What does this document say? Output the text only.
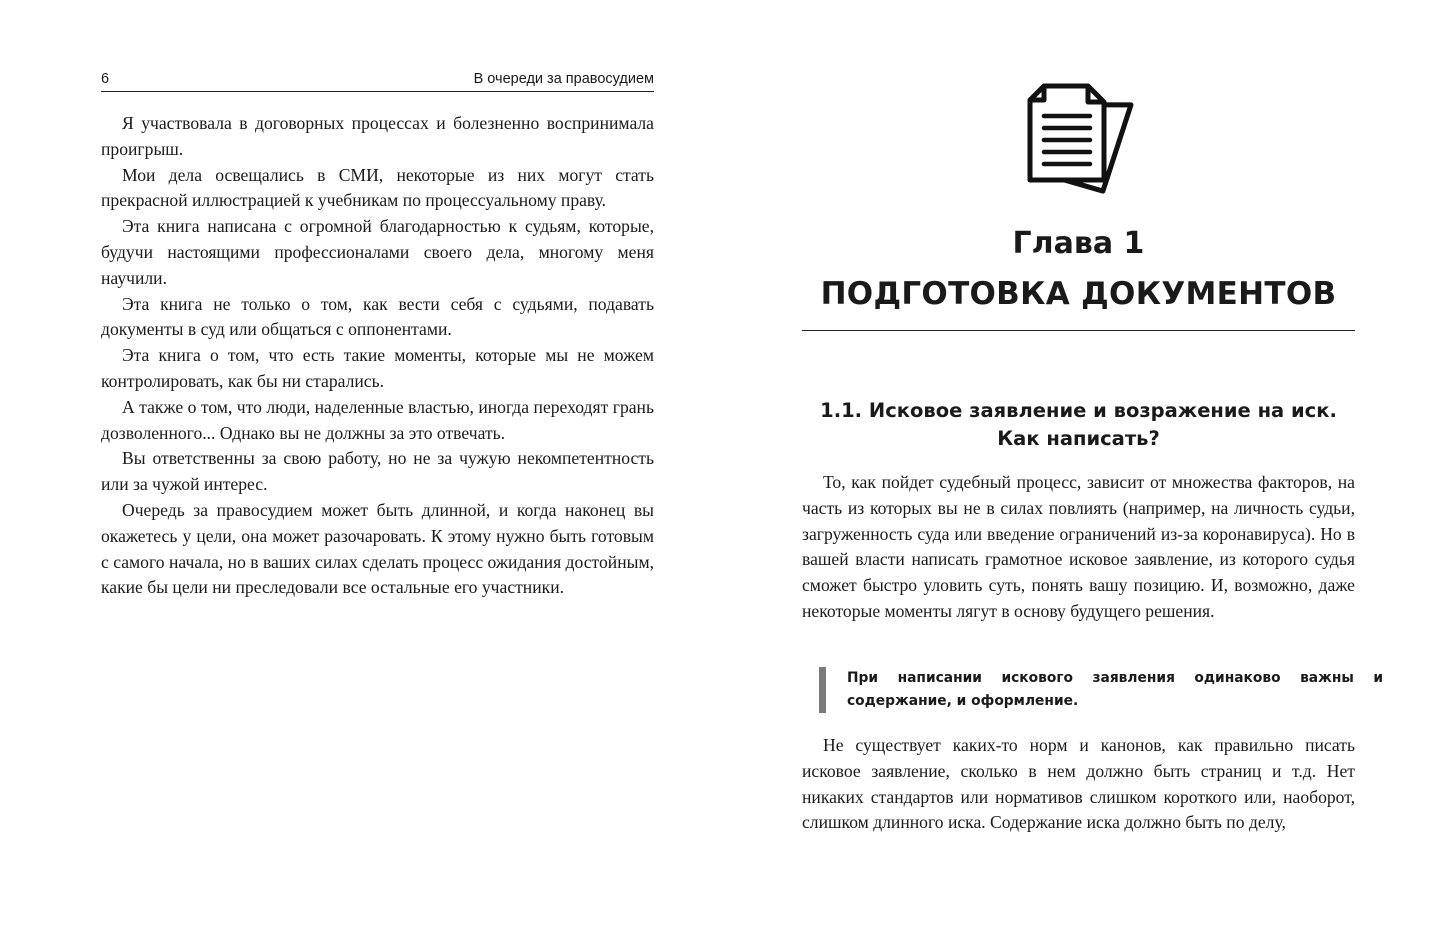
6	В очереди за правосудием

Я участвовала в договорных процессах и болезненно воспринимала проигрыш.

Мои дела освещались в СМИ, некоторые из них могут стать прекрасной иллюстрацией к учебникам по процессуальному праву.

Эта книга написана с огромной благодарностью к судьям, которые, будучи настоящими профессионалами своего дела, многому меня научили.

Эта книга не только о том, как вести себя с судьями, подавать документы в суд или общаться с оппонентами.

Эта книга о том, что есть такие моменты, которые мы не можем контролировать, как бы ни старались.

А также о том, что люди, наделенные властью, иногда переходят грань дозволенного... Однако вы не должны за это отвечать.

Вы ответственны за свою работу, но не за чужую некомпетентность или за чужой интерес.

Очередь за правосудием может быть длинной, и когда наконец вы окажетесь у цели, она может разочаровать. К этому нужно быть готовым с самого начала, но в ваших силах сделать процесс ожидания достойным, какие бы цели ни преследовали все остальные его участники.

Глава 1
ПОДГОТОВКА ДОКУМЕНТОВ
1.1. Исковое заявление и возражение на иск.
Как написать?

То, как пойдет судебный процесс, зависит от множества факторов, на часть из которых вы не в силах повлиять (например, на личность судьи, загруженность суда или введение ограничений из-за коронавируса). Но в вашей власти написать грамотное исковое заявление, из которого судья сможет быстро уловить суть, понять вашу позицию. И, возможно, даже некоторые моменты лягут в основу будущего решения.

При написании искового заявления одинаково важны и содержание, и оформление.

Не существует каких-то норм и канонов, как правильно писать исковое заявление, сколько в нем должно быть страниц и т.д. Нет никаких стандартов или нормативов слишком короткого или, наоборот, слишком длинного иска. Содержание иска должно быть по делу,
